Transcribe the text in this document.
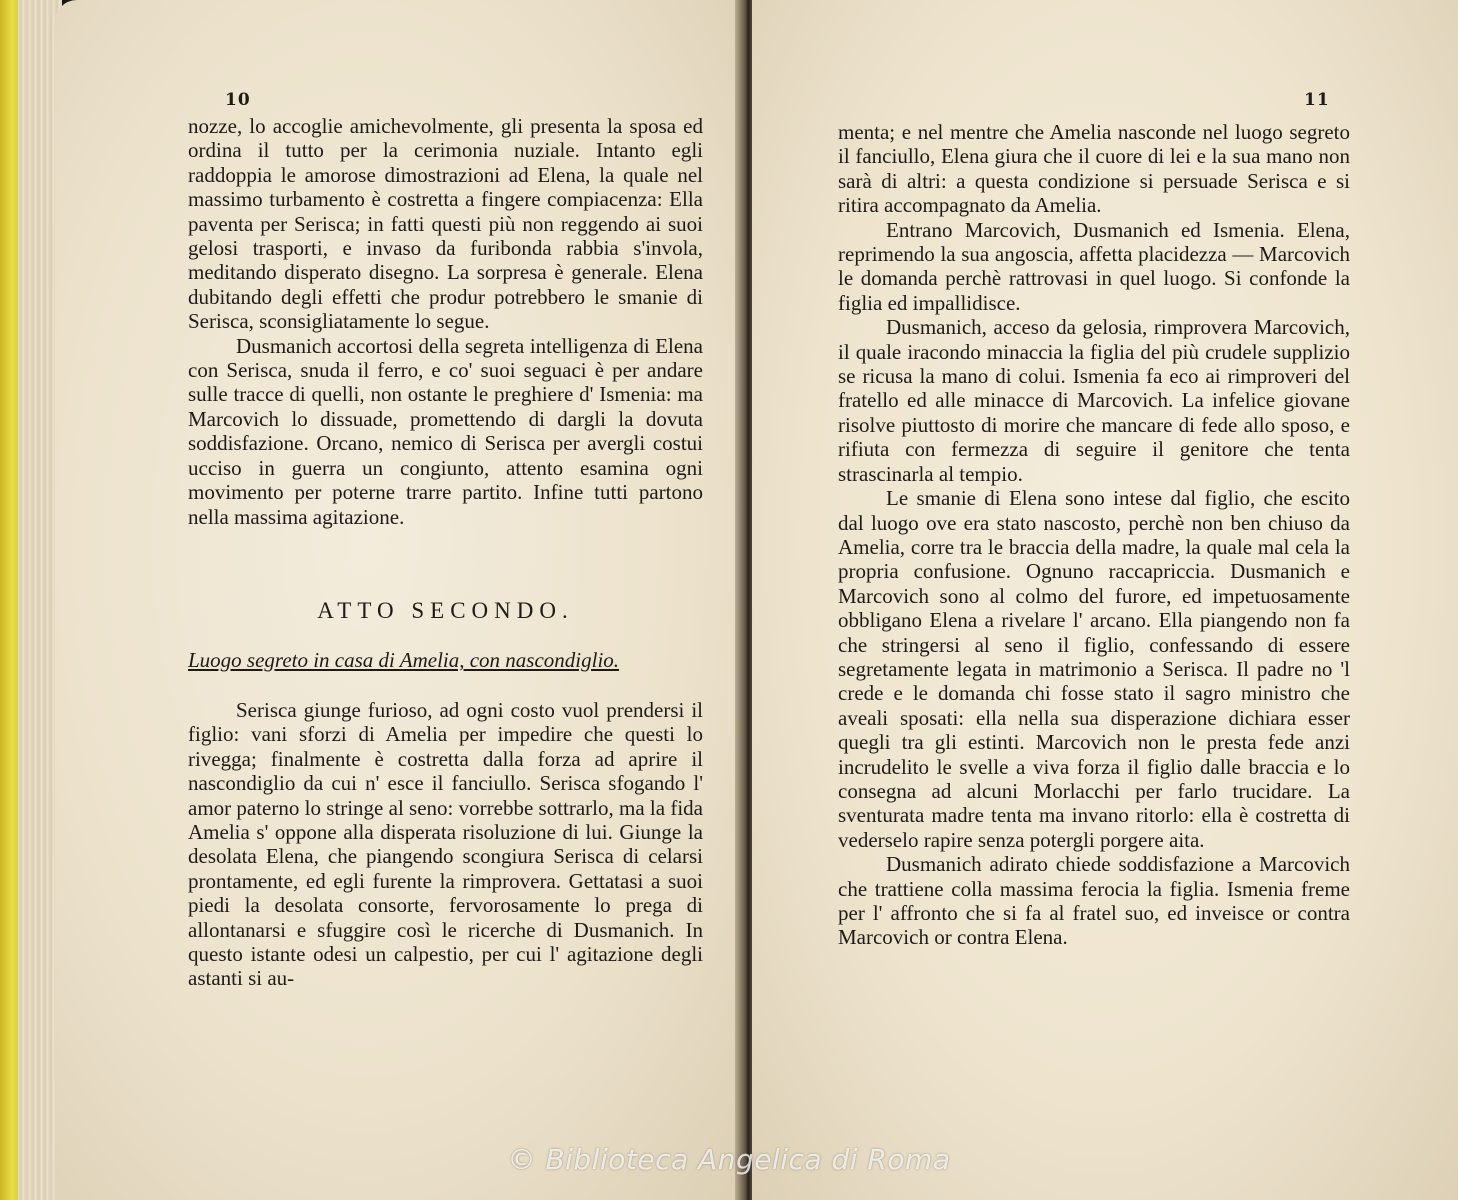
10

nozze, lo accoglie amichevolmente, gli presenta la sposa ed ordina il tutto per la cerimonia nuziale. Intanto egli raddoppia le amorose dimostrazioni ad Elena, la quale nel massimo turbamento è costretta a fingere compiacenza: Ella paventa per Serisca; in fatti questi più non reggendo ai suoi gelosi trasporti, e invaso da furibonda rabbia s'invola, meditando disperato disegno. La sorpresa è generale. Elena dubitando degli effetti che produr potrebbero le smanie di Serisca, sconsigliatamente lo segue.

Dusmanich accortosi della segreta intelligenza di Elena con Serisca, snuda il ferro, e co' suoi seguaci è per andare sulle tracce di quelli, non ostante le preghiere d' Ismenia: ma Marcovich lo dissuade, promettendo di dargli la dovuta soddisfazione. Orcano, nemico di Serisca per avergli costui ucciso in guerra un congiunto, attento esamina ogni movimento per poterne trarre partito. Infine tutti partono nella massima agitazione.

ATTO SECONDO.
Luogo segreto in casa di Amelia, con nascondiglio.

Serisca giunge furioso, ad ogni costo vuol prendersi il figlio: vani sforzi di Amelia per impedire che questi lo rivegga; finalmente è costretta dalla forza ad aprire il nascondiglio da cui n' esce il fanciullo. Serisca sfogando l' amor paterno lo stringe al seno: vorrebbe sottrarlo, ma la fida Amelia s' oppone alla disperata risoluzione di lui. Giunge la desolata Elena, che piangendo scongiura Serisca di celarsi prontamente, ed egli furente la rimprovera. Gettatasi a suoi piedi la desolata consorte, fervorosamente lo prega di allontanarsi e sfuggire così le ricerche di Dusmanich. In questo istante odesi un calpestio, per cui l' agitazione degli astanti si au-

11

menta; e nel mentre che Amelia nasconde nel luogo segreto il fanciullo, Elena giura che il cuore di lei e la sua mano non sarà di altri: a questa condizione si persuade Serisca e si ritira accompagnato da Amelia.

Entrano Marcovich, Dusmanich ed Ismenia. Elena, reprimendo la sua angoscia, affetta placidezza — Marcovich le domanda perchè rattrovasi in quel luogo. Si confonde la figlia ed impallidisce.

Dusmanich, acceso da gelosia, rimprovera Marcovich, il quale iracondo minaccia la figlia del più crudele supplizio se ricusa la mano di colui. Ismenia fa eco ai rimproveri del fratello ed alle minacce di Marcovich. La infelice giovane risolve piuttosto di morire che mancare di fede allo sposo, e rifiuta con fermezza di seguire il genitore che tenta strascinarla al tempio.

Le smanie di Elena sono intese dal figlio, che escito dal luogo ove era stato nascosto, perchè non ben chiuso da Amelia, corre tra le braccia della madre, la quale mal cela la propria confusione. Ognuno raccapriccia. Dusmanich e Marcovich sono al colmo del furore, ed impetuosamente obbligano Elena a rivelare l' arcano. Ella piangendo non fa che stringersi al seno il figlio, confessando di essere segretamente legata in matrimonio a Serisca. Il padre no 'l crede e le domanda chi fosse stato il sagro ministro che aveali sposati: ella nella sua disperazione dichiara esser quegli tra gli estinti. Marcovich non le presta fede anzi incrudelito le svelle a viva forza il figlio dalle braccia e lo consegna ad alcuni Morlacchi per farlo trucidare. La sventurata madre tenta ma invano ritorlo: ella è costretta di vederselo rapire senza potergli porgere aita.

Dusmanich adirato chiede soddisfazione a Marcovich che trattiene colla massima ferocia la figlia. Ismenia freme per l' affronto che si fa al fratel suo, ed inveisce or contra Marcovich or contra Elena.

© Biblioteca Angelica di Roma
